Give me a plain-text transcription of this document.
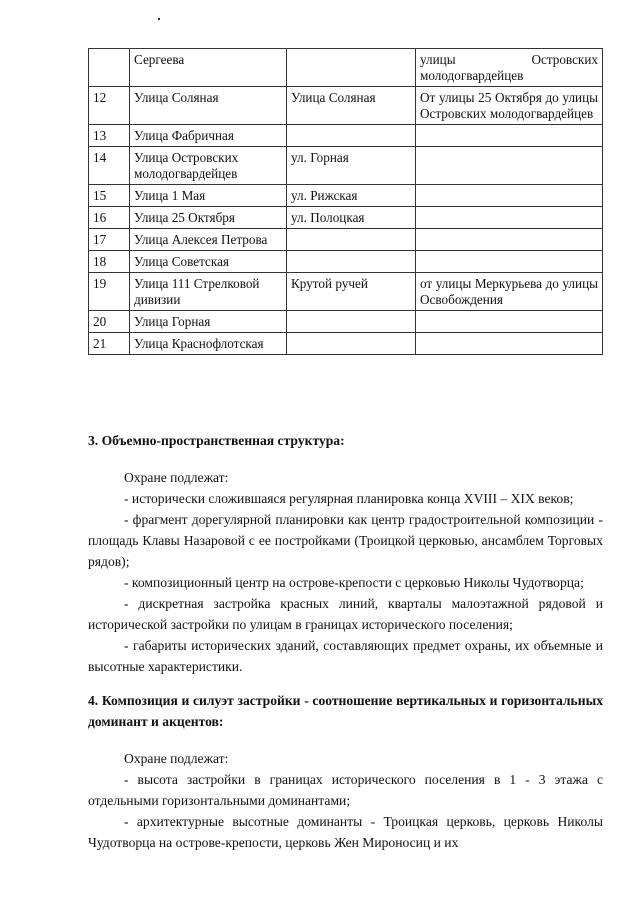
	Сергеева		улицы Островских молодогвардейцев
12	Улица Соляная	Улица Соляная	От улицы 25 Октября до улицы Островских молодогвардейцев
13	Улица Фабричная		
14	Улица Островских молодогвардейцев	ул. Горная	
15	Улица 1 Мая	ул. Рижская	
16	Улица 25 Октября	ул. Полоцкая	
17	Улица Алексея Петрова		
18	Улица Советская		
19	Улица 111 Стрелковой дивизии	Крутой ручей	от улицы Меркурьева до улицы Освобождения
20	Улица Горная		
21	Улица Краснофлотская		
3. Объемно-пространственная структура:
Охране подлежат:
- исторически сложившаяся регулярная планировка конца XVIII – XIX веков;
- фрагмент дорегулярной планировки как центр градостроительной композиции - площадь Клавы Назаровой с ее постройками (Троицкой церковью, ансамблем Торговых рядов);
- композиционный центр на острове-крепости с церковью Николы Чудотворца;
- дискретная застройка красных линий, кварталы малоэтажной рядовой и исторической застройки по улицам в границах исторического поселения;
- габариты исторических зданий, составляющих предмет охраны, их объемные и высотные характеристики.
4. Композиция и силуэт застройки - соотношение вертикальных и горизонтальных доминант и акцентов:
Охране подлежат:
- высота застройки в границах исторического поселения в 1 - 3 этажа с отдельными горизонтальными доминантами;
- архитектурные высотные доминанты - Троицкая церковь, церковь Николы Чудотворца на острове-крепости, церковь Жен Мироносиц и их
